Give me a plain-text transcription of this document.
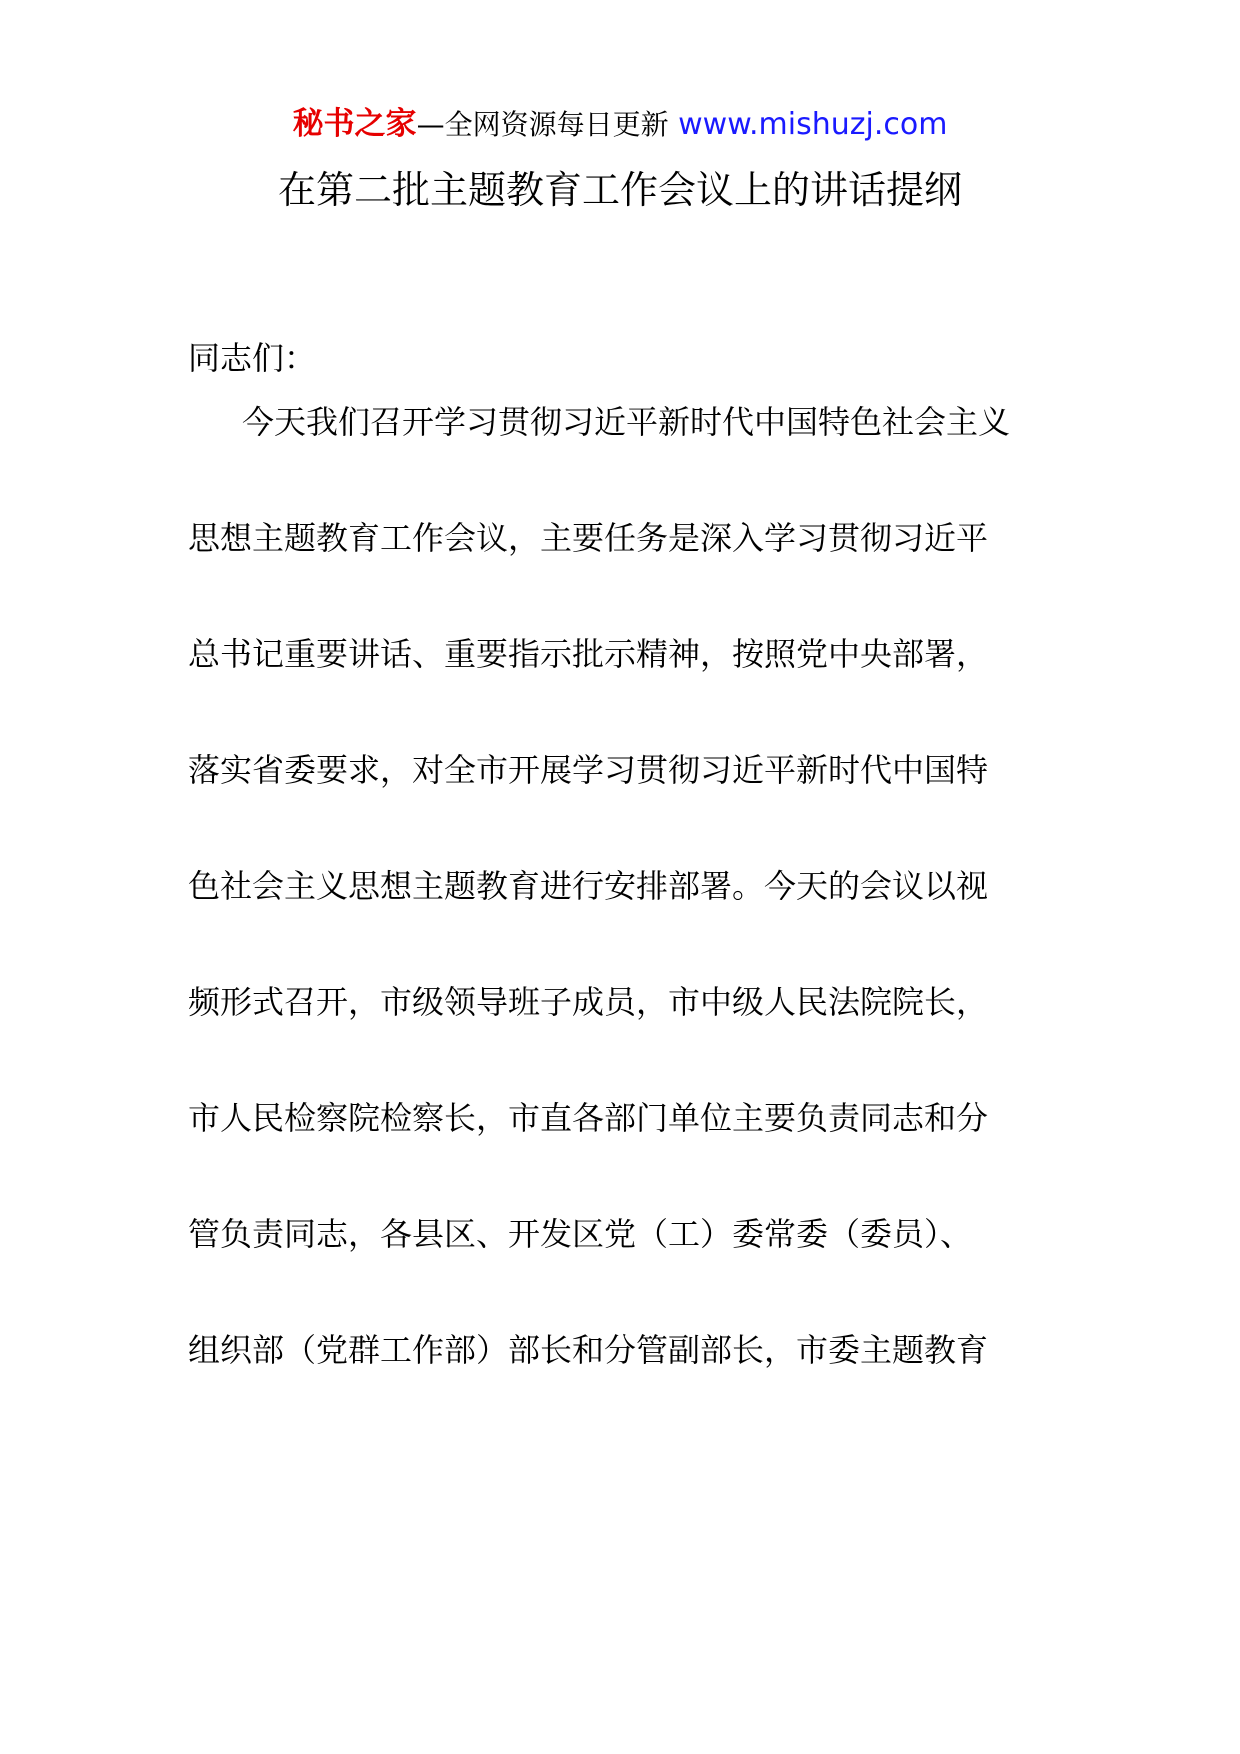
秘书之家—全网资源每日更新 www.mishuzj.com
在第二批主题教育工作会议上的讲话提纲
同志们：
今天我们召开学习贯彻习近平新时代中国特色社会主义
思想主题教育工作会议，主要任务是深入学习贯彻习近平
总书记重要讲话、重要指示批示精神，按照党中央部署，
落实省委要求，对全市开展学习贯彻习近平新时代中国特
色社会主义思想主题教育进行安排部署。今天的会议以视
频形式召开，市级领导班子成员，市中级人民法院院长，
市人民检察院检察长，市直各部门单位主要负责同志和分
管负责同志，各县区、开发区党（工）委常委（委员）、
组织部（党群工作部）部长和分管副部长，市委主题教育
